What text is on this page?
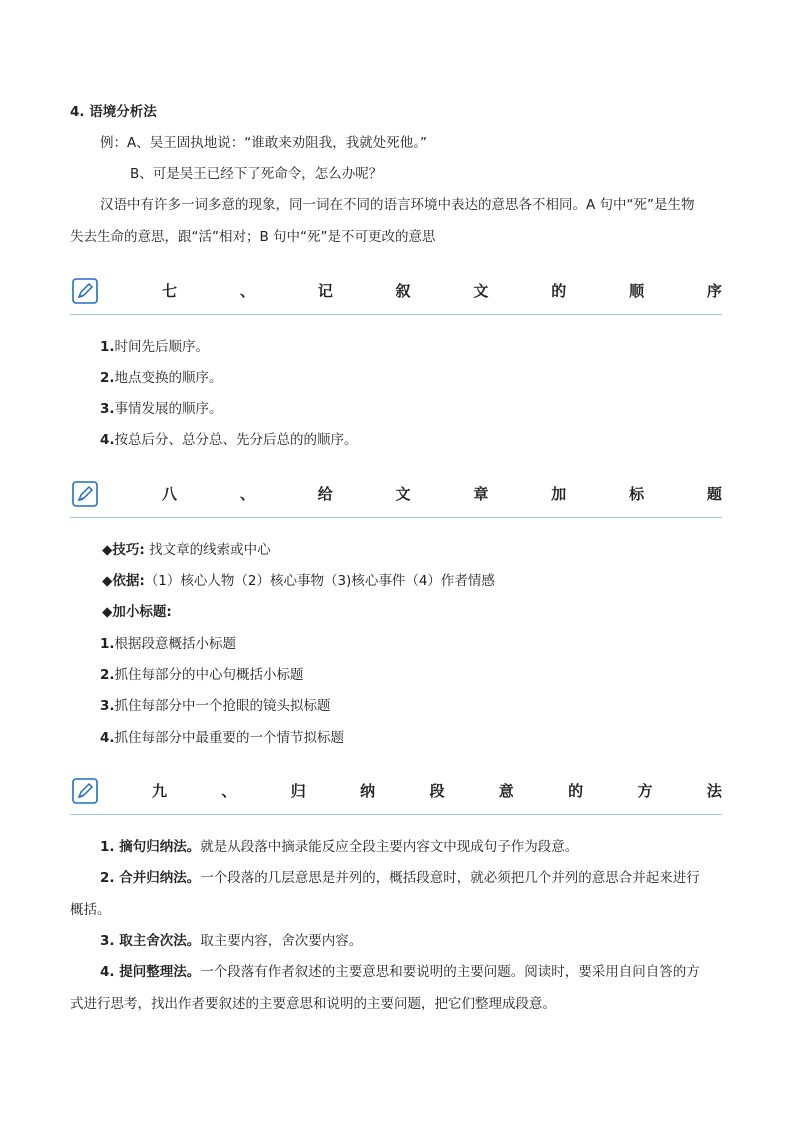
4. 语境分析法
例：A、吴王固执地说：“谁敢来劝阻我，我就处死他。”
B、可是吴王已经下了死命令，怎么办呢？
汉语中有许多一词多意的现象，同一词在不同的语言环境中表达的意思各不相同。A 句中“死”是生物
失去生命的意思，跟“活”相对；B 句中“死”是不可更改的意思
七	、	记	叙	文	的	顺	序
1.时间先后顺序。
2.地点变换的顺序。
3.事情发展的顺序。
4.按总后分、总分总、先分后总的的顺序。
八	、	给	文	章	加	标	题
◆技巧: 找文章的线索或中心
◆依据:（1）核心人物（2）核心事物（3)核心事件（4）作者情感
◆加小标题:
1.根据段意概括小标题
2.抓住每部分的中心句概括小标题
3.抓住每部分中一个抢眼的镜头拟标题
4.抓住每部分中最重要的一个情节拟标题
九	、	归	纳	段	意	的	方	法
1. 摘句归纳法。就是从段落中摘录能反应全段主要内容文中现成句子作为段意。
2. 合并归纳法。一个段落的几层意思是并列的，概括段意时，就必须把几个并列的意思合并起来进行
概括。
3. 取主舍次法。取主要内容，舍次要内容。
4. 提问整理法。一个段落有作者叙述的主要意思和要说明的主要问题。阅读时，要采用自问自答的方
式进行思考，找出作者要叙述的主要意思和说明的主要问题，把它们整理成段意。
